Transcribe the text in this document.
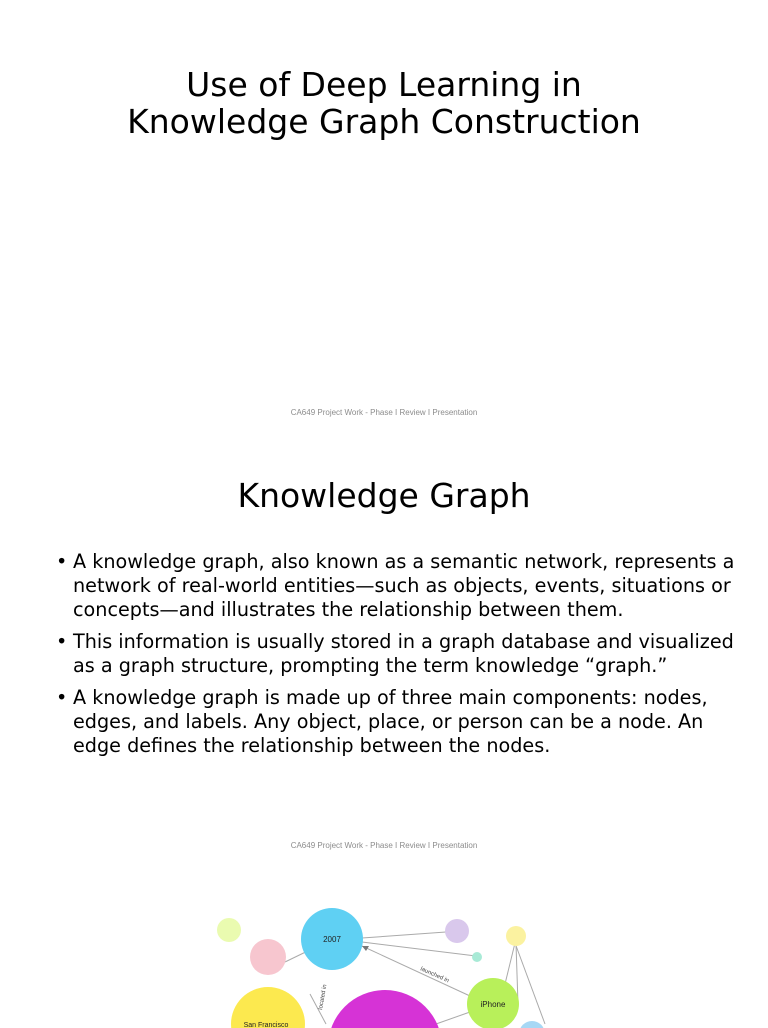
Use of Deep Learning in
Knowledge Graph Construction
CA649 Project Work - Phase I Review I Presentation
Knowledge Graph
• A knowledge graph, also known as a semantic network, represents a network of real-world entities—such as objects, events, situations or concepts—and illustrates the relationship between them.
• This information is usually stored in a graph database and visualized as a graph structure, prompting the term knowledge “graph.”
• A knowledge graph is made up of three main components: nodes, edges, and labels. Any object, place, or person can be a node. An edge defines the relationship between the nodes.
CA649 Project Work - Phase I Review I Presentation
2007
iPhone
San Francisco
launched in
located in
